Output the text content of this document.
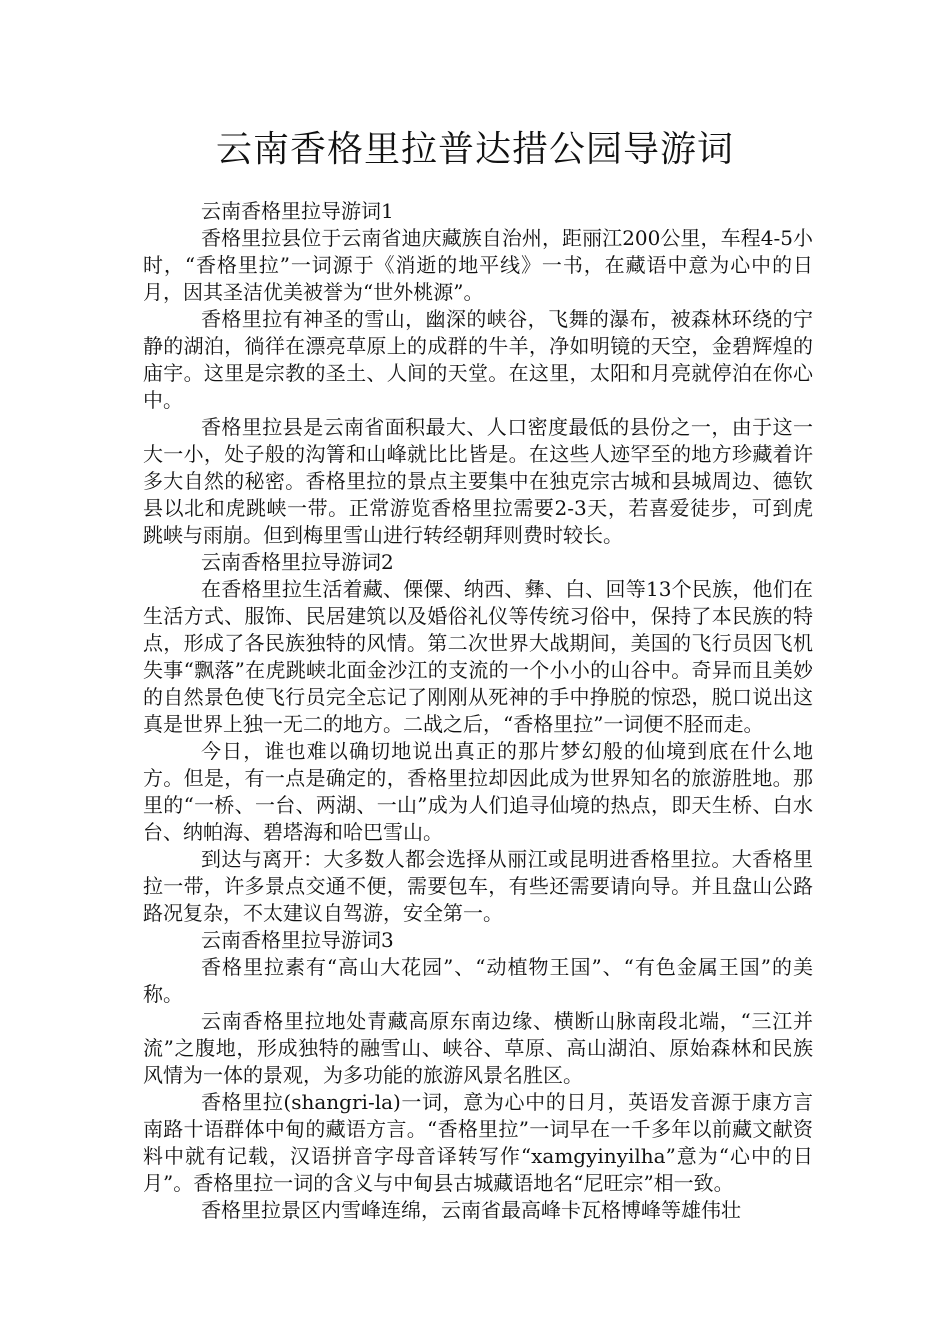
云南香格里拉普达措公园导游词

云南香格里拉导游词1

香格里拉县位于云南省迪庆藏族自治州，距丽江200公里，车程4-5小时，“香格里拉”一词源于《消逝的地平线》一书，在藏语中意为心中的日月，因其圣洁优美被誉为“世外桃源”。

香格里拉有神圣的雪山，幽深的峡谷，飞舞的瀑布，被森林环绕的宁静的湖泊，徜徉在漂亮草原上的成群的牛羊，净如明镜的天空，金碧辉煌的庙宇。这里是宗教的圣土、人间的天堂。在这里，太阳和月亮就停泊在你心中。

香格里拉县是云南省面积最大、人口密度最低的县份之一，由于这一大一小，处子般的沟箐和山峰就比比皆是。在这些人迹罕至的地方珍藏着许多大自然的秘密。香格里拉的景点主要集中在独克宗古城和县城周边、德钦县以北和虎跳峡一带。正常游览香格里拉需要2-3天，若喜爱徒步，可到虎跳峡与雨崩。但到梅里雪山进行转经朝拜则费时较长。

云南香格里拉导游词2

在香格里拉生活着藏、傈僳、纳西、彝、白、回等13个民族，他们在生活方式、服饰、民居建筑以及婚俗礼仪等传统习俗中，保持了本民族的特点，形成了各民族独特的风情。第二次世界大战期间，美国的飞行员因飞机失事“飘落”在虎跳峡北面金沙江的支流的一个小小的山谷中。奇异而且美妙的自然景色使飞行员完全忘记了刚刚从死神的手中挣脱的惊恐，脱口说出这真是世界上独一无二的地方。二战之后，“香格里拉”一词便不胫而走。

今日，谁也难以确切地说出真正的那片梦幻般的仙境到底在什么地方。但是，有一点是确定的，香格里拉却因此成为世界知名的旅游胜地。那里的“一桥、一台、两湖、一山”成为人们追寻仙境的热点，即天生桥、白水台、纳帕海、碧塔海和哈巴雪山。

到达与离开：大多数人都会选择从丽江或昆明进香格里拉。大香格里拉一带，许多景点交通不便，需要包车，有些还需要请向导。并且盘山公路路况复杂，不太建议自驾游，安全第一。

云南香格里拉导游词3

香格里拉素有“高山大花园”、“动植物王国”、“有色金属王国”的美称。

云南香格里拉地处青藏高原东南边缘、横断山脉南段北端，“三江并流”之腹地，形成独特的融雪山、峡谷、草原、高山湖泊、原始森林和民族风情为一体的景观，为多功能的旅游风景名胜区。

香格里拉(shangri-la)一词，意为心中的日月，英语发音源于康方言南路十语群体中甸的藏语方言。“香格里拉”一词早在一千多年以前藏文献资料中就有记载，汉语拼音字母音译转写作“xamgyinyilha”意为“心中的日月”。香格里拉一词的含义与中甸县古城藏语地名“尼旺宗”相一致。

香格里拉景区内雪峰连绵，云南省最高峰卡瓦格博峰等雄伟壮
